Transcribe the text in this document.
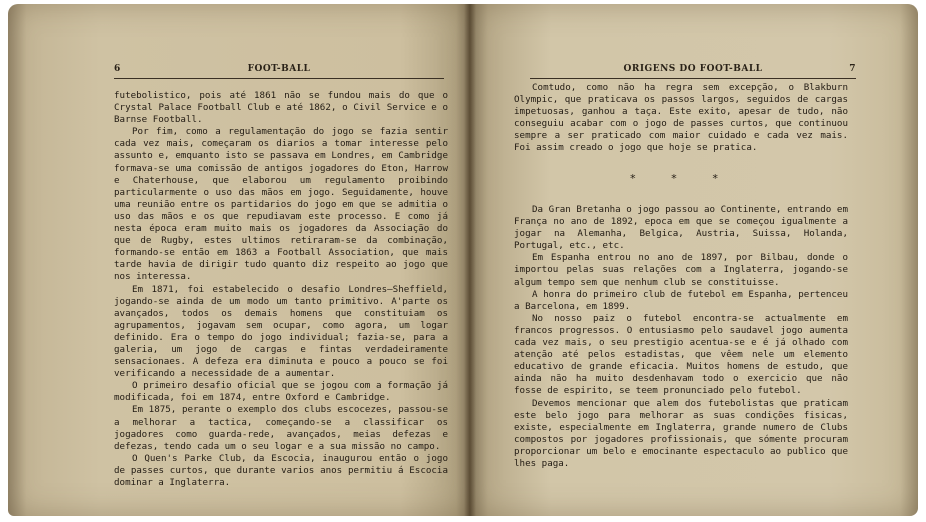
6	FOOT-BALL

futebolistico, pois até 1861 não se fundou mais do que o Crystal Palace Football Club e até 1862, o Civil Service e o Barnse Football.

Por fim, como a regulamentação do jogo se fazia sentir cada vez mais, começaram os diarios a tomar interesse pelo assunto e, emquanto isto se passava em Londres, em Cambridge formava-se uma comissão de antigos jogadores do Eton, Harrow e Chaterhouse, que elaborou um regulamento proibindo particularmente o uso das mãos em jogo. Seguidamente, houve uma reunião entre os partidarios do jogo em que se admitia o uso das mãos e os que repudiavam este processo. E como já nesta época eram muito mais os jogadores da Associação do que de Rugby, estes ultimos retiraram-se da combinação, formando-se então em 1863 a Football Association, que mais tarde havia de dirigir tudo quanto diz respeito ao jogo que nos interessa.

Em 1871, foi estabelecido o desafio Londres—Sheffield, jogando-se ainda de um modo um tanto primitivo. A'parte os avançados, todos os demais homens que constituiam os agrupamentos, jogavam sem ocupar, como agora, um logar definido. Era o tempo do jogo individual; fazia-se, para a galeria, um jogo de cargas e fintas verdadeiramente sensacionaes. A defeza era diminuta e pouco a pouco se foi verificando a necessidade de a aumentar.

O primeiro desafio oficial que se jogou com a formação já modificada, foi em 1874, entre Oxford e Cambridge.

Em 1875, perante o exemplo dos clubs escocezes, passou-se a melhorar a tactica, começando-se a classificar os jogadores como guarda-rede, avançados, meias defezas e defezas, tendo cada um o seu logar e a sua missão no campo.

O Quen's Parke Club, da Escocia, inaugurou então o jogo de passes curtos, que durante varios anos permitiu á Escocia dominar a Inglaterra.

ORIGENS DO FOOT-BALL	7

Comtudo, como não ha regra sem excepção, o Blakburn Olympic, que praticava os passos largos, seguidos de cargas impetuosas, ganhou a taça. Este exito, apesar de tudo, não conseguiu acabar com o jogo de passes curtos, que continuou sempre a ser praticado com maior cuidado e cada vez mais. Foi assim creado o jogo que hoje se pratica.

* * *

Da Gran Bretanha o jogo passou ao Continente, entrando em França no ano de 1892, epoca em que se começou igualmente a jogar na Alemanha, Belgica, Austria, Suissa, Holanda, Portugal, etc., etc.

Em Espanha entrou no ano de 1897, por Bilbau, donde o importou pelas suas relações com a Inglaterra, jogando-se algum tempo sem que nenhum club se constituisse.

A honra do primeiro club de futebol em Espanha, pertenceu a Barcelona, em 1899.

No nosso paiz o futebol encontra-se actualmente em francos progressos. O entusiasmo pelo saudavel jogo aumenta cada vez mais, o seu prestigio acentua-se e é já olhado com atenção até pelos estadistas, que vêem nele um elemento educativo de grande eficacia. Muitos homens de estudo, que ainda não ha muito desdenhavam todo o exercicio que não fosse de espirito, se teem pronunciado pelo futebol.

Devemos mencionar que alem dos futebolistas que praticam este belo jogo para melhorar as suas condições fisicas, existe, especialmente em Inglaterra, grande numero de Clubs compostos por jogadores profissionais, que sómente procuram proporcionar um belo e emocinante espectaculo ao publico que lhes paga.
